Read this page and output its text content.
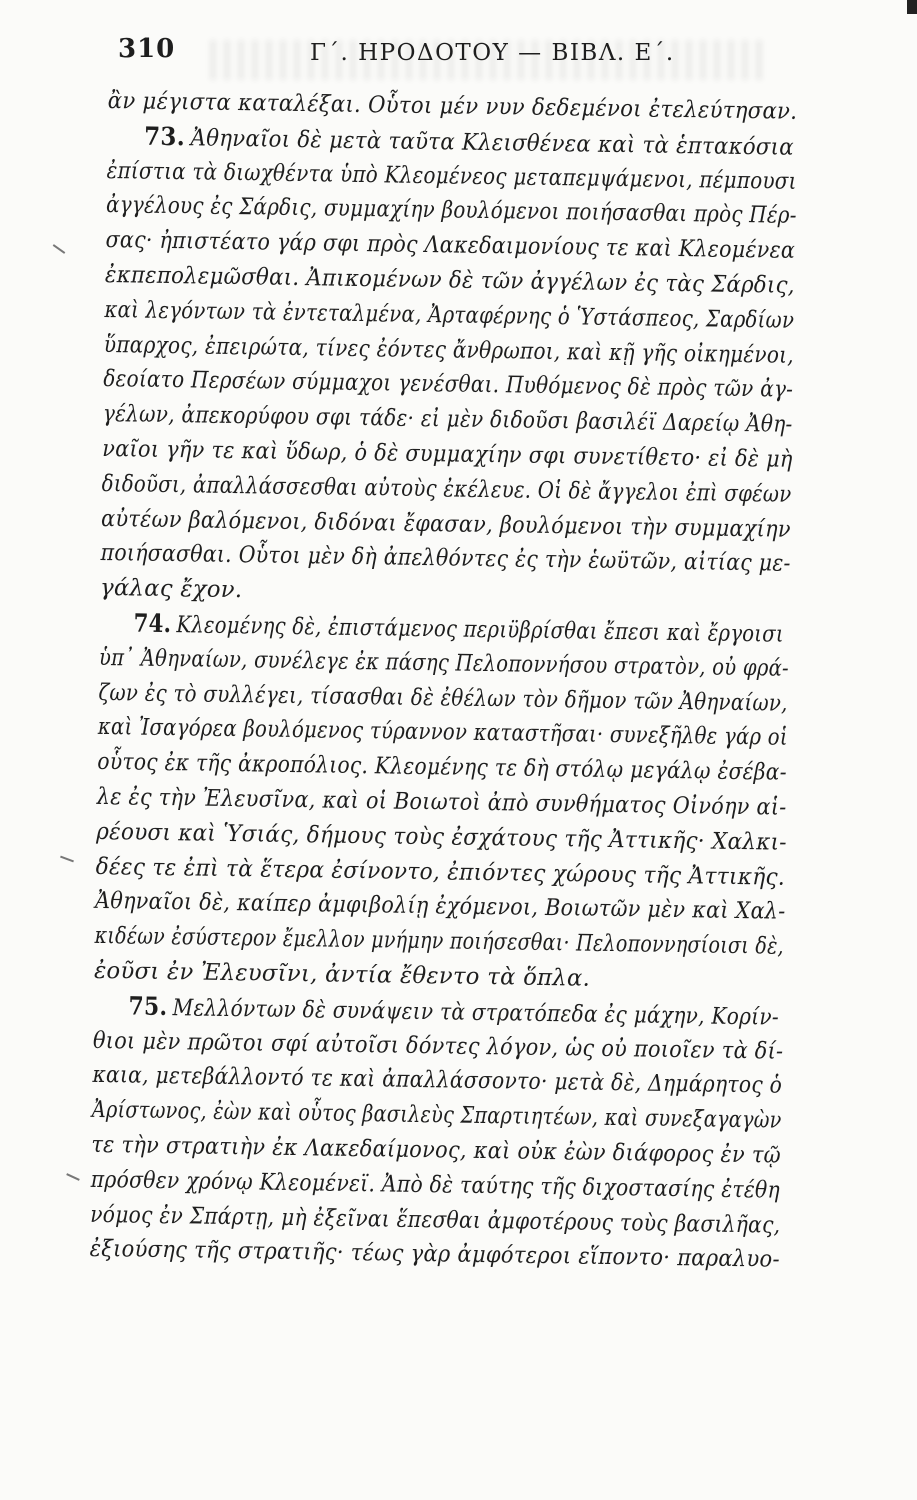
310	Γ΄. ΗΡΟΔΟΤΟΥ — ΒΙΒΛ. Ε΄.
ἂν μέγιστα καταλέξαι. Οὗτοι μέν νυν δεδεμένοι ἐτελεύτησαν.
73. Ἀθηναῖοι δὲ μετὰ ταῦτα Κλεισθένεα καὶ τὰ ἑπτακόσια
ἐπίστια τὰ διωχθέντα ὑπὸ Κλεομένεος μεταπεμψάμενοι, πέμπουσι
ἀγγέλους ἐς Σάρδις, συμμαχίην βουλόμενοι ποιήσασθαι πρὸς Πέρ-
σας· ἠπιστέατο γάρ σφι πρὸς Λακεδαιμονίους τε καὶ Κλεομένεα
ἐκπεπολεμῶσθαι. Ἀπικομένων δὲ τῶν ἀγγέλων ἐς τὰς Σάρδις,
καὶ λεγόντων τὰ ἐντεταλμένα, Ἀρταφέρνης ὁ Ὑστάσπεος, Σαρδίων
ὕπαρχος, ἐπειρώτα, τίνες ἐόντες ἄνθρωποι, καὶ κῇ γῆς οἰκημένοι,
δεοίατο Περσέων σύμμαχοι γενέσθαι. Πυθόμενος δὲ πρὸς τῶν ἀγ-
γέλων, ἀπεκορύφου σφι τάδε· εἰ μὲν διδοῦσι βασιλέϊ Δαρείῳ Ἀθη-
ναῖοι γῆν τε καὶ ὕδωρ, ὁ δὲ συμμαχίην σφι συνετίθετο· εἰ δὲ μὴ
διδοῦσι, ἀπαλλάσσεσθαι αὐτοὺς ἐκέλευε. Οἱ δὲ ἄγγελοι ἐπὶ σφέων
αὐτέων βαλόμενοι, διδόναι ἔφασαν, βουλόμενοι τὴν συμμαχίην
ποιήσασθαι. Οὗτοι μὲν δὴ ἀπελθόντες ἐς τὴν ἑωϋτῶν, αἰτίας με-
γάλας ἔχον.
74. Κλεομένης δὲ, ἐπιστάμενος περιϋβρίσθαι ἔπεσι καὶ ἔργοισι
ὑπ᾽ Ἀθηναίων, συνέλεγε ἐκ πάσης Πελοποννήσου στρατὸν, οὐ φρά-
ζων ἐς τὸ συλλέγει, τίσασθαι δὲ ἐθέλων τὸν δῆμον τῶν Ἀθηναίων,
καὶ Ἰσαγόρεα βουλόμενος τύραννον καταστῆσαι· συνεξῆλθε γάρ οἱ
οὗτος ἐκ τῆς ἀκροπόλιος. Κλεομένης τε δὴ στόλῳ μεγάλῳ ἐσέβα-
λε ἐς τὴν Ἐλευσῖνα, καὶ οἱ Βοιωτοὶ ἀπὸ συνθήματος Οἰνόην αἱ-
ρέουσι καὶ Ὑσιάς, δήμους τοὺς ἐσχάτους τῆς Ἀττικῆς· Χαλκι-
δέες τε ἐπὶ τὰ ἕτερα ἐσίνοντο, ἐπιόντες χώρους τῆς Ἀττικῆς.
Ἀθηναῖοι δὲ, καίπερ ἀμφιβολίῃ ἐχόμενοι, Βοιωτῶν μὲν καὶ Χαλ-
κιδέων ἐσύστερον ἔμελλον μνήμην ποιήσεσθαι· Πελοποννησίοισι δὲ,
ἐοῦσι ἐν Ἐλευσῖνι, ἀντία ἔθεντο τὰ ὅπλα.
75. Μελλόντων δὲ συνάψειν τὰ στρατόπεδα ἐς μάχην, Κορίν-
θιοι μὲν πρῶτοι σφί αὐτοῖσι δόντες λόγον, ὡς οὐ ποιοῖεν τὰ δί-
καια, μετεβάλλοντό τε καὶ ἀπαλλάσσοντο· μετὰ δὲ, Δημάρητος ὁ
Ἀρίστωνος, ἐὼν καὶ οὗτος βασιλεὺς Σπαρτιητέων, καὶ συνεξαγαγὼν
τε τὴν στρατιὴν ἐκ Λακεδαίμονος, καὶ οὐκ ἐὼν διάφορος ἐν τῷ
πρόσθεν χρόνῳ Κλεομένεϊ. Ἀπὸ δὲ ταύτης τῆς διχοστασίης ἐτέθη
νόμος ἐν Σπάρτῃ, μὴ ἐξεῖναι ἕπεσθαι ἀμφοτέρους τοὺς βασιλῆας,
ἐξιούσης τῆς στρατιῆς· τέως γὰρ ἀμφότεροι εἵποντο· παραλυο-
